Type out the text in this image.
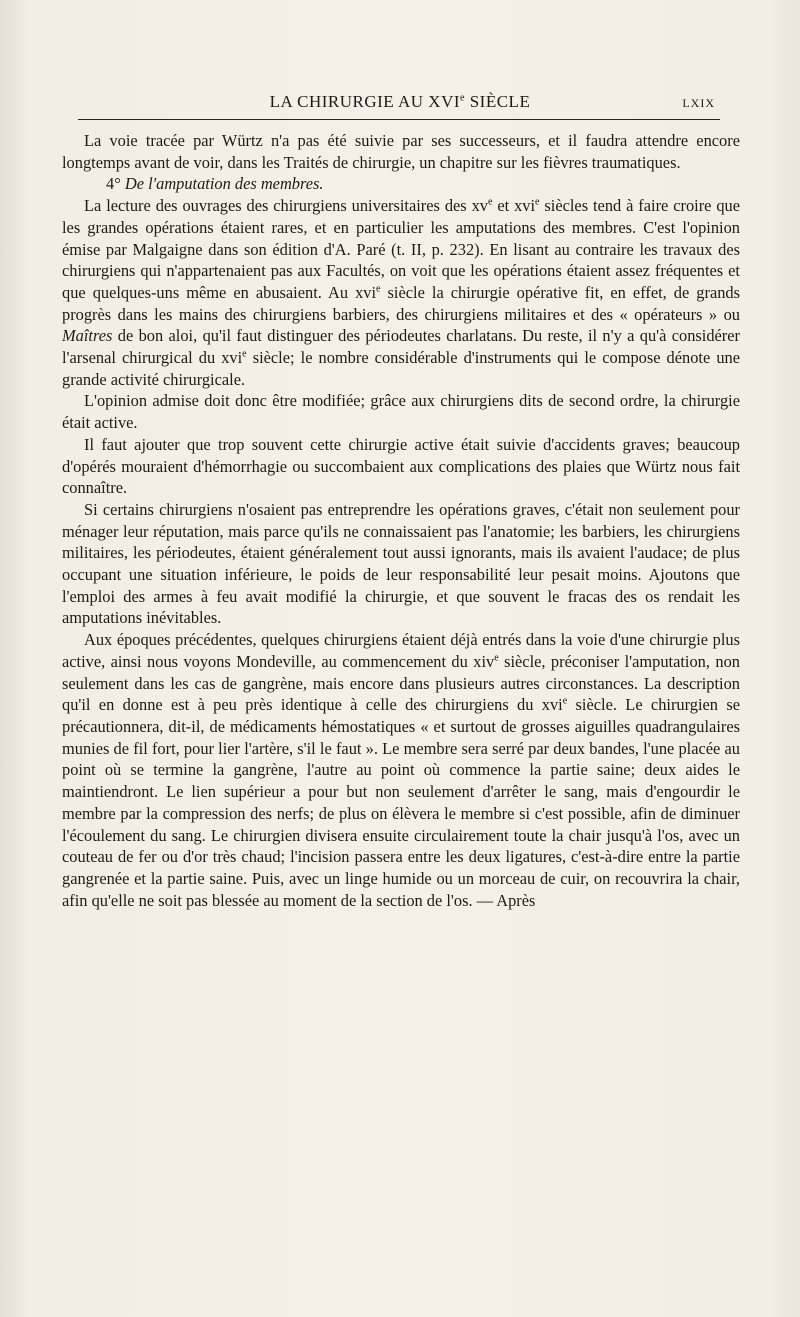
LA CHIRURGIE AU XVIe SIÈCLE	LXIX

La voie tracée par Würtz n'a pas été suivie par ses successeurs, et il faudra attendre encore longtemps avant de voir, dans les Traités de chirurgie, un chapitre sur les fièvres traumatiques.

4° De l'amputation des membres.

La lecture des ouvrages des chirurgiens universitaires des $xv^e$ et xvi$^e$ siècles tend à faire croire que les grandes opérations étaient rares, et en particulier les amputations des membres. C'est l'opinion émise par Malgaigne dans son édition d'A. Paré (t. II, p. 232). En lisant au contraire les travaux des chirurgiens qui n'appartenaient pas aux Facultés, on voit que les opérations étaient assez fréquentes et que quelques-uns même en abusaient. Au xvi$^e$ siècle la chirurgie opérative fit, en effet, de grands progrès dans les mains des chirurgiens barbiers, des chirurgiens militaires et des « opérateurs » ou Maîtres de bon aloi, qu'il faut distinguer des périodeutes charlatans. Du reste, il n'y a qu'à considérer l'arsenal chirurgical du xvi$^e$ siècle; le nombre considérable d'instruments qui le compose dénote une grande activité chirurgicale.

L'opinion admise doit donc être modifiée; grâce aux chirurgiens dits de second ordre, la chirurgie était active.

Il faut ajouter que trop souvent cette chirurgie active était suivie d'accidents graves; beaucoup d'opérés mouraient d'hémorrhagie ou succombaient aux complications des plaies que Würtz nous fait connaître.

Si certains chirurgiens n'osaient pas entreprendre les opérations graves, c'était non seulement pour ménager leur réputation, mais parce qu'ils ne connaissaient pas l'anatomie; les barbiers, les chirurgiens militaires, les périodeutes, étaient généralement tout aussi ignorants, mais ils avaient l'audace; de plus occupant une situation inférieure, le poids de leur responsabilité leur pesait moins. Ajoutons que l'emploi des armes à feu avait modifié la chirurgie, et que souvent le fracas des os rendait les amputations inévitables.

Aux époques précédentes, quelques chirurgiens étaient déjà entrés dans la voie d'une chirurgie plus active, ainsi nous voyons Mondeville, au commencement du xiv$^e$ siècle, préconiser l'amputation, non seulement dans les cas de gangrène, mais encore dans plusieurs autres circonstances. La description qu'il en donne est à peu près identique à celle des chirurgiens du xvi$^e$ siècle. Le chirurgien se précautionnera, dit-il, de médicaments hémostatiques « et surtout de grosses aiguilles quadrangulaires munies de fil fort, pour lier l'artère, s'il le faut ». Le membre sera serré par deux bandes, l'une placée au point où se termine la gangrène, l'autre au point où commence la partie saine; deux aides le maintiendront. Le lien supérieur a pour but non seulement d'arrêter le sang, mais d'engourdir le membre par la compression des nerfs; de plus on élèvera le membre si c'est possible, afin de diminuer l'écoulement du sang. Le chirurgien divisera ensuite circulairement toute la chair jusqu'à l'os, avec un couteau de fer ou d'or très chaud; l'incision passera entre les deux ligatures, c'est-à-dire entre la partie gangrenée et la partie saine. Puis, avec un linge humide ou un morceau de cuir, on recouvrira la chair, afin qu'elle ne soit pas blessée au moment de la section de l'os. — Après
